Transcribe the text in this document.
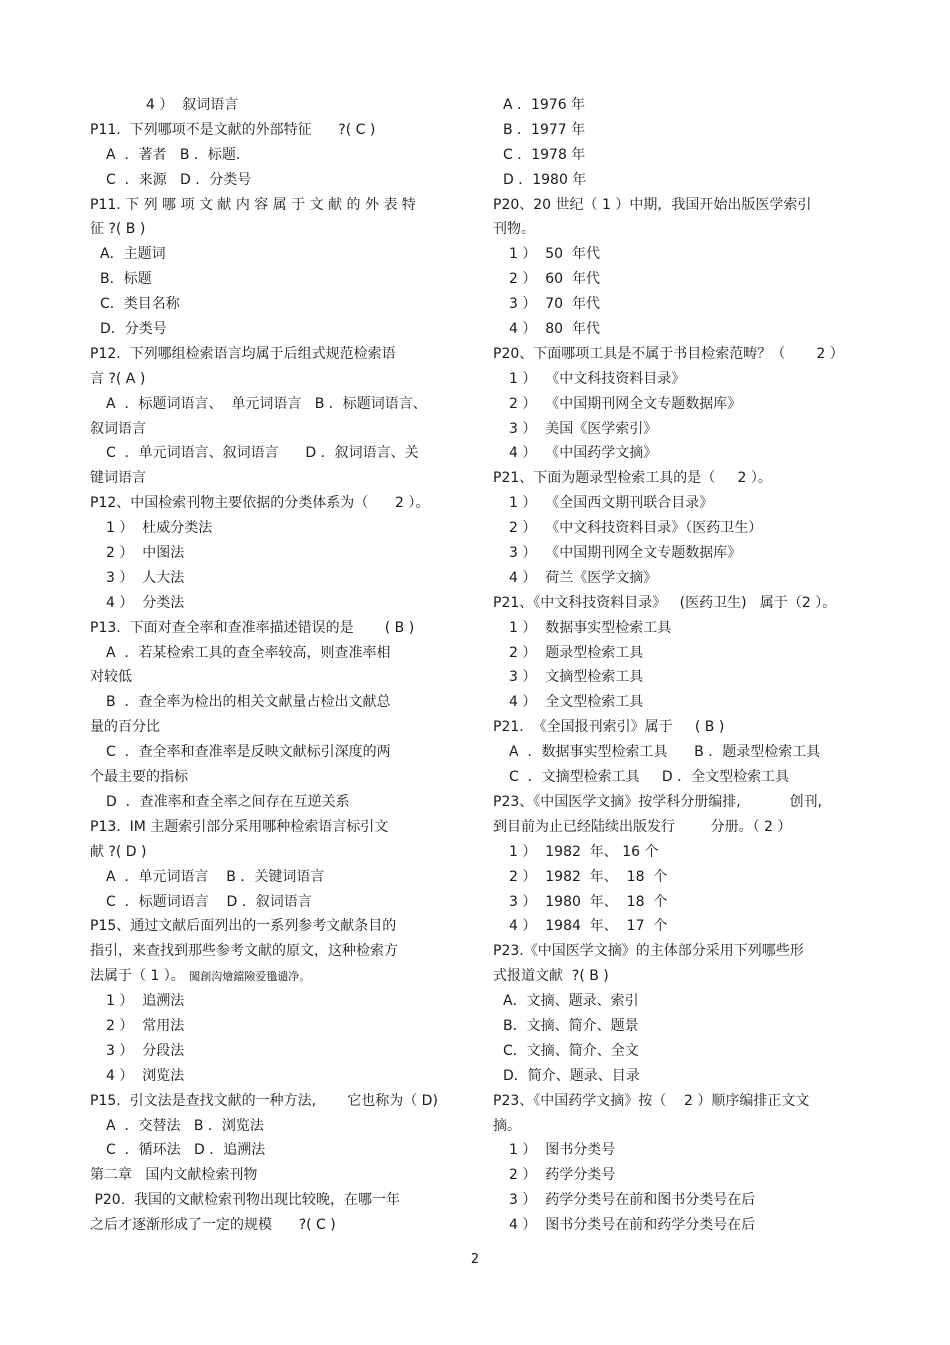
4 ）  叙词语言
P11.  下列哪项不是文献的外部特征      ?( C )
A  ．著者   B ．标题.
C  ．来源   D ．分类号
P11. 下 列 哪 项 文 献 内 容 属 于 文 献 的 外 表 特
征 ?( B )
A．主题词
B．标题
C．类目名称
D．分类号
P12.  下列哪组检索语言均属于后组式规范检索语
言 ?( A )
A  ．标题词语言、  单元词语言   B ．标题词语言、
叙词语言
C  ．单元词语言、叙词语言      D ．叙词语言、关
键词语言
P12、中国检索刊物主要依据的分类体系为（      2 ）。
1 ）  杜威分类法
2 ）  中图法
3 ）  人大法
4 ）  分类法
P13.  下面对查全率和查准率描述错误的是       ( B )
A  ．若某检索工具的查全率较高，则查准率相
对较低
B  ．查全率为检出的相关文献量占检出文献总
量的百分比
C  ．查全率和查准率是反映文献标引深度的两
个最主要的指标
D  ．查准率和查全率之间存在互逆关系
P13.  IM 主题索引部分采用哪种检索语言标引文
献 ?( D )
A  ．单元词语言    B ．关键词语言
C  ．标题词语言    D ．叙词语言
P15、通过文献后面列出的一系列参考文献条目的
指引，来查找到那些参考文献的原文，这种检索方
法属于（ 1 ）。 闖創沟燴鐺險爱氇谴净。
1 ）  追溯法
2 ）  常用法
3 ）  分段法
4 ）  浏览法
P15.  引文法是查找文献的一种方法,       它也称为（ D)
A  ．交替法   B ．浏览法
C  ．循环法   D ．追溯法
第二章   国内文献检索刊物
P20.  我国的文献检索刊物出现比较晚，在哪一年
之后才逐渐形成了一定的规模      ?( C )
A ．1976 年
B ．1977 年
C ．1978 年
D ．1980 年
P20、20 世纪（ 1 ）中期，我国开始出版医学索引
刊物。
1 ）  50  年代
2 ）  60  年代
3 ）  70  年代
4 ）  80  年代
P20、下面哪项工具是不属于书目检索范畴？（       2 ）
1 ）  《中文科技资料目录》
2 ）  《中国期刊网全文专题数据库》
3 ）  美国《医学索引》
4 ）  《中国药学文摘》
P21、下面为题录型检索工具的是（     2 ）。
1 ）  《全国西文期刊联合目录》
2 ）  《中文科技资料目录》（医药卫生）
3 ）  《中国期刊网全文专题数据库》
4 ）  荷兰《医学文摘》
P21、《中文科技资料目录》   (医药卫生)   属于（2 ）。
1 ）  数据事实型检索工具
2 ）  题录型检索工具
3 ）  文摘型检索工具
4 ）  全文型检索工具
P21.  《全国报刊索引》属于     ( B )
A  ．数据事实型检索工具      B ．题录型检索工具
C  ．文摘型检索工具     D ．全文型检索工具
P23、《中国医学文摘》按学科分册编排,           创刊,
到目前为止已经陆续出版发行        分册。（ 2 ）
1 ）  1982  年、 16 个
2 ）  1982  年、  18  个
3 ）  1980  年、  18  个
4 ）  1984  年、  17  个
P23.《中国医学文摘》的主体部分采用下列哪些形
式报道文献  ?( B )
A．文摘、题录、索引
B．文摘、简介、题景
C．文摘、简介、全文
D．简介、题录、目录
P23、《中国药学文摘》按（    2 ）顺序编排正文文
摘。
1 ）  图书分类号
2 ）  药学分类号
3 ）  药学分类号在前和图书分类号在后
4 ）  图书分类号在前和药学分类号在后
2
